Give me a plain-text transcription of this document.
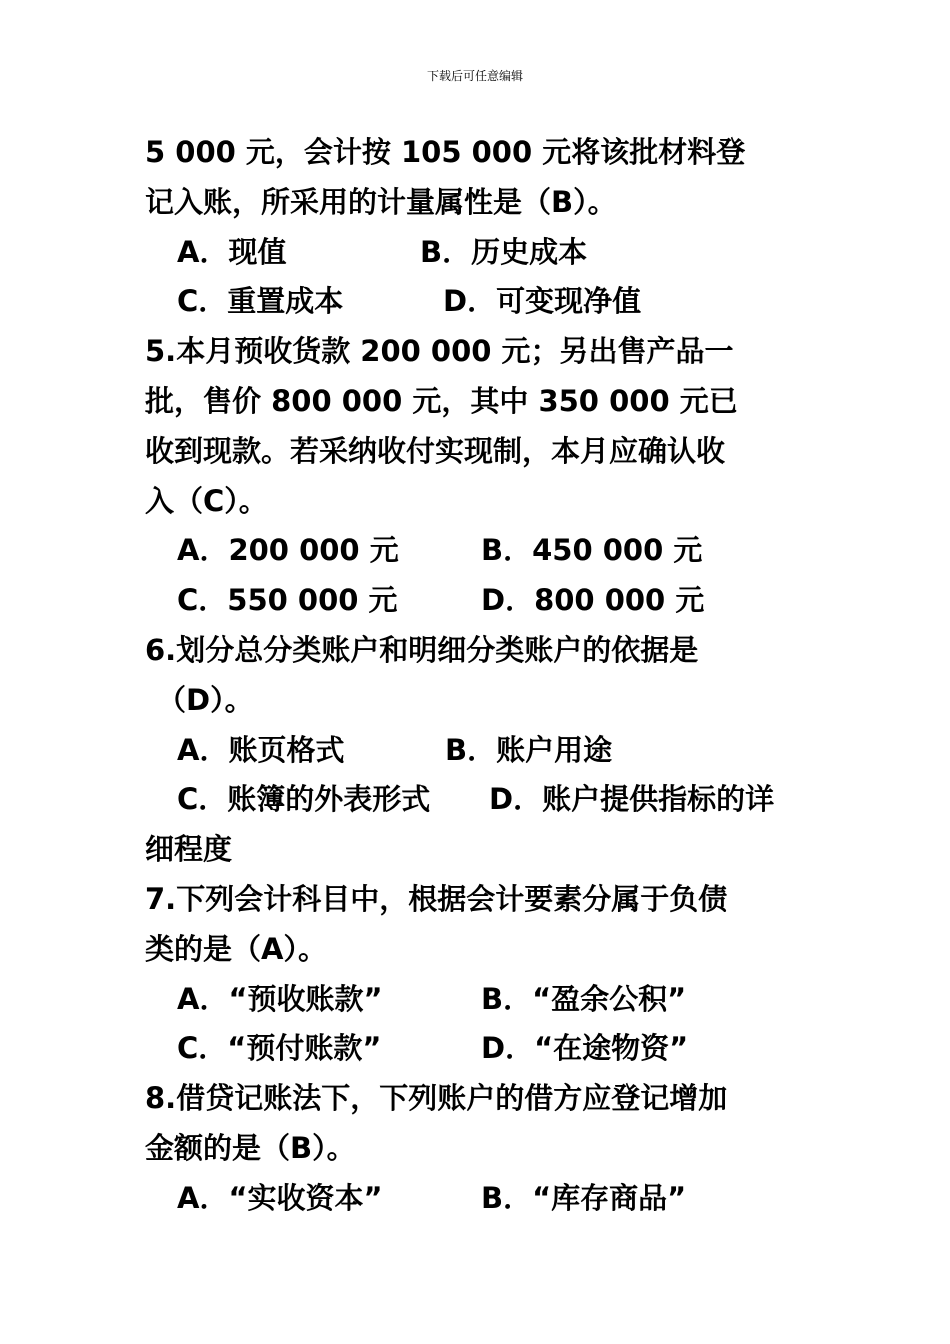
下载后可任意编辑
5 000 元，会计按 105 000 元将该批材料登
记入账，所采用的计量属性是（B）。
A．现值	B．历史成本
C．重置成本	D．可变现净值
5.本月预收货款 200 000 元；另出售产品一
批，售价 800 000 元，其中 350 000 元已
收到现款。若采纳收付实现制，本月应确认收
入（C）。
A．200 000 元	B．450 000 元
C．550 000 元	D．800 000 元
6.划分总分类账户和明细分类账户的依据是
（D）。
A．账页格式	B．账户用途
C．账簿的外表形式 D．账户提供指标的详
细程度
7.下列会计科目中，根据会计要素分属于负债
类的是（A）。
A．“预收账款”	B．“盈余公积”
C．“预付账款”	D．“在途物资”
8.借贷记账法下，下列账户的借方应登记增加
金额的是（B）。
A．“实收资本”	B．“库存商品”
